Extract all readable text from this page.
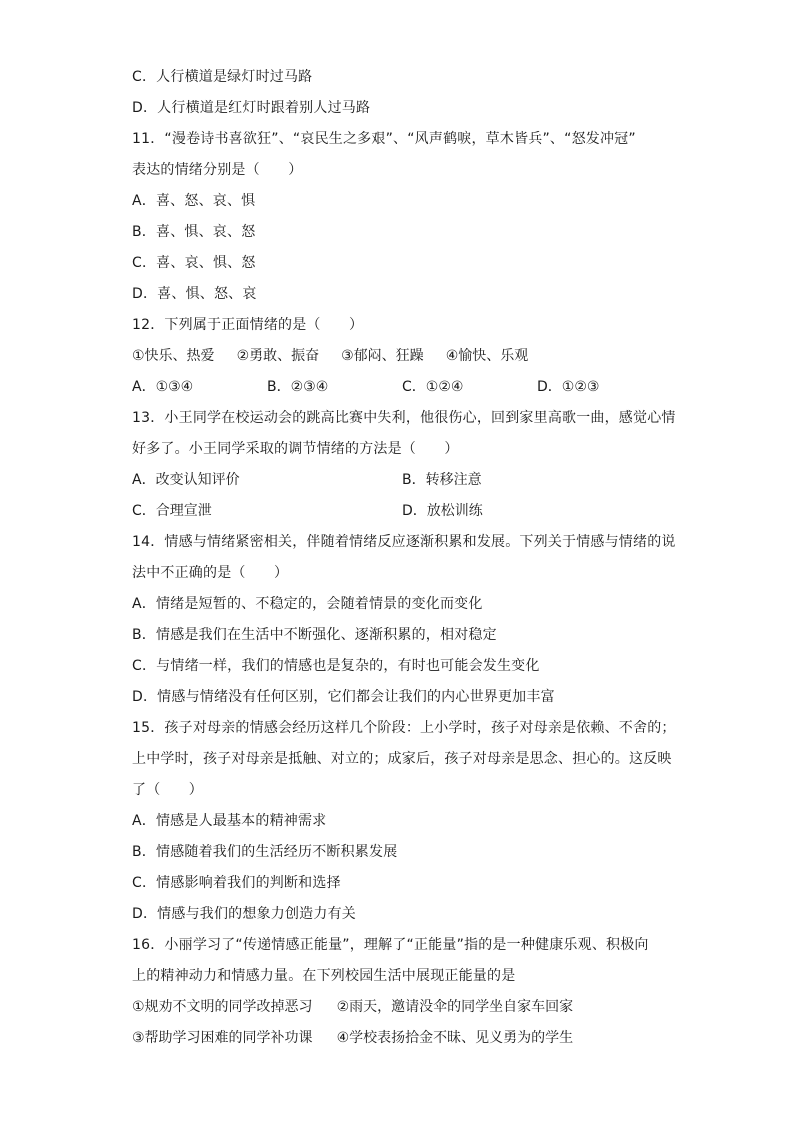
C．人行横道是绿灯时过马路
D．人行横道是红灯时跟着别人过马路
11．“漫卷诗书喜欲狂”、“哀民生之多艰”、“风声鹤唳，草木皆兵”、“怒发冲冠”
表达的情绪分别是（　　）
A．喜、怒、哀、惧
B．喜、惧、哀、怒
C．喜、哀、惧、怒
D．喜、惧、怒、哀
12．下列属于正面情绪的是（　　）
①快乐、热爱 ②勇敢、振奋 ③郁闷、狂躁 ④愉快、乐观
A．①③④	B．②③④	C．①②④	D．①②③
13．小王同学在校运动会的跳高比赛中失利，他很伤心，回到家里高歌一曲，感觉心情
好多了。小王同学采取的调节情绪的方法是（　　）
A．改变认知评价	B．转移注意
C．合理宣泄	D．放松训练
14．情感与情绪紧密相关，伴随着情绪反应逐渐积累和发展。下列关于情感与情绪的说
法中不正确的是（　　）
A．情绪是短暂的、不稳定的，会随着情景的变化而变化
B．情感是我们在生活中不断强化、逐渐积累的，相对稳定
C．与情绪一样，我们的情感也是复杂的，有时也可能会发生变化
D．情感与情绪没有任何区别，它们都会让我们的内心世界更加丰富
15．孩子对母亲的情感会经历这样几个阶段：上小学时，孩子对母亲是依赖、不舍的；
上中学时，孩子对母亲是抵触、对立的；成家后，孩子对母亲是思念、担心的。这反映
了（　　）
A．情感是人最基本的精神需求
B．情感随着我们的生活经历不断积累发展
C．情感影响着我们的判断和选择
D．情感与我们的想象力创造力有关
16．小丽学习了“传递情感正能量”，理解了“正能量”指的是一种健康乐观、积极向
上的精神动力和情感力量。在下列校园生活中展现正能量的是
①规劝不文明的同学改掉恶习 ②雨天，邀请没伞的同学坐自家车回家
③帮助学习困难的同学补功课 ④学校表扬拾金不昧、见义勇为的学生
